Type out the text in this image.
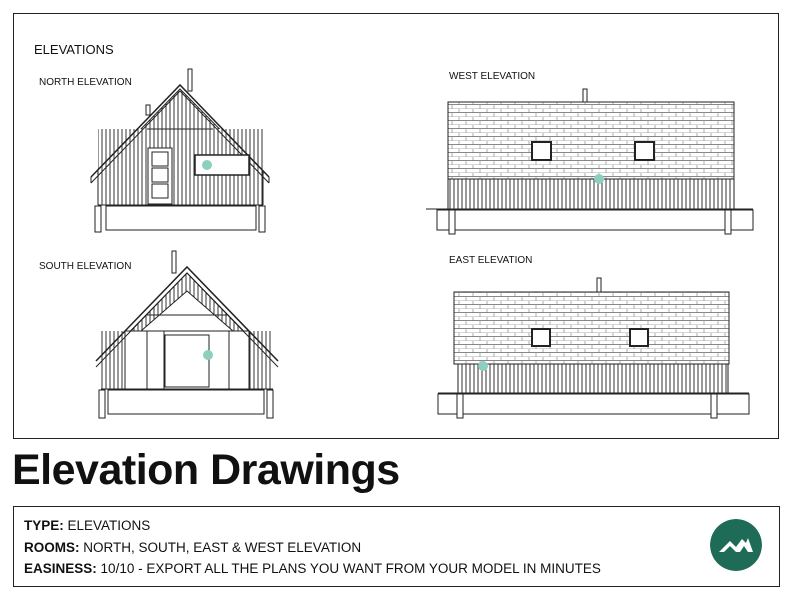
ELEVATIONS
NORTH ELEVATION
WEST ELEVATION
SOUTH ELEVATION
EAST ELEVATION
Elevation Drawings
TYPE: ELEVATIONS
ROOMS: NORTH, SOUTH, EAST & WEST ELEVATION
EASINESS: 10/10 - EXPORT ALL THE PLANS YOU WANT FROM YOUR MODEL IN MINUTES
